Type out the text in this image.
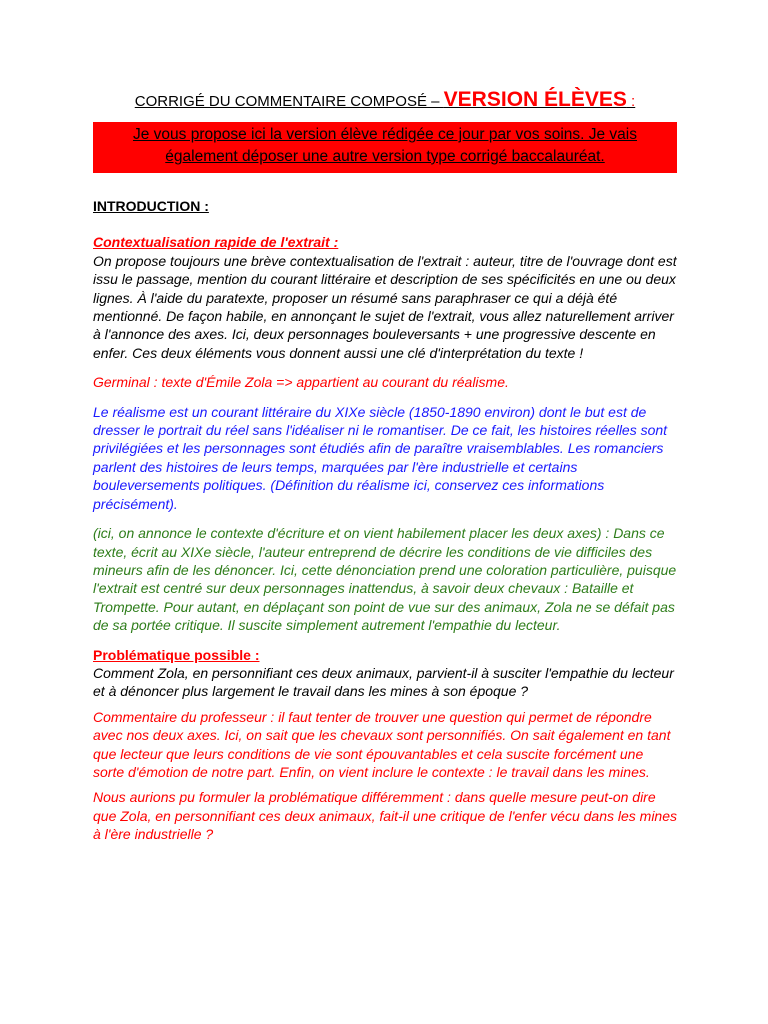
CORRIGÉ DU COMMENTAIRE COMPOSÉ – VERSION ÉLÈVES :

Je vous propose ici la version élève rédigée ce jour par vos soins. Je vais également déposer une autre version type corrigé baccalauréat.

INTRODUCTION :

Contextualisation rapide de l'extrait :
On propose toujours une brève contextualisation de l'extrait : auteur, titre de l'ouvrage dont est issu le passage, mention du courant littéraire et description de ses spécificités en une ou deux lignes. À l'aide du paratexte, proposer un résumé sans paraphraser ce qui a déjà été mentionné. De façon habile, en annonçant le sujet de l'extrait, vous allez naturellement arriver à l'annonce des axes. Ici, deux personnages bouleversants + une progressive descente en enfer. Ces deux éléments vous donnent aussi une clé d'interprétation du texte !

Germinal : texte d'Émile Zola => appartient au courant du réalisme.

Le réalisme est un courant littéraire du XIXe siècle (1850-1890 environ) dont le but est de dresser le portrait du réel sans l'idéaliser ni le romantiser. De ce fait, les histoires réelles sont privilégiées et les personnages sont étudiés afin de paraître vraisemblables. Les romanciers parlent des histoires de leurs temps, marquées par l'ère industrielle et certains bouleversements politiques. (Définition du réalisme ici, conservez ces informations précisément).

(ici, on annonce le contexte d'écriture et on vient habilement placer les deux axes) : Dans ce texte, écrit au XIXe siècle, l'auteur entreprend de décrire les conditions de vie difficiles des mineurs afin de les dénoncer. Ici, cette dénonciation prend une coloration particulière, puisque l'extrait est centré sur deux personnages inattendus, à savoir deux chevaux : Bataille et Trompette. Pour autant, en déplaçant son point de vue sur des animaux, Zola ne se défait pas de sa portée critique. Il suscite simplement autrement l'empathie du lecteur.

Problématique possible :
Comment Zola, en personnifiant ces deux animaux, parvient-il à susciter l'empathie du lecteur et à dénoncer plus largement le travail dans les mines à son époque ?

Commentaire du professeur : il faut tenter de trouver une question qui permet de répondre avec nos deux axes. Ici, on sait que les chevaux sont personnifiés. On sait également en tant que lecteur que leurs conditions de vie sont épouvantables et cela suscite forcément une sorte d'émotion de notre part. Enfin, on vient inclure le contexte : le travail dans les mines.

Nous aurions pu formuler la problématique différemment : dans quelle mesure peut-on dire que Zola, en personnifiant ces deux animaux, fait-il une critique de l'enfer vécu dans les mines à l'ère industrielle ?
